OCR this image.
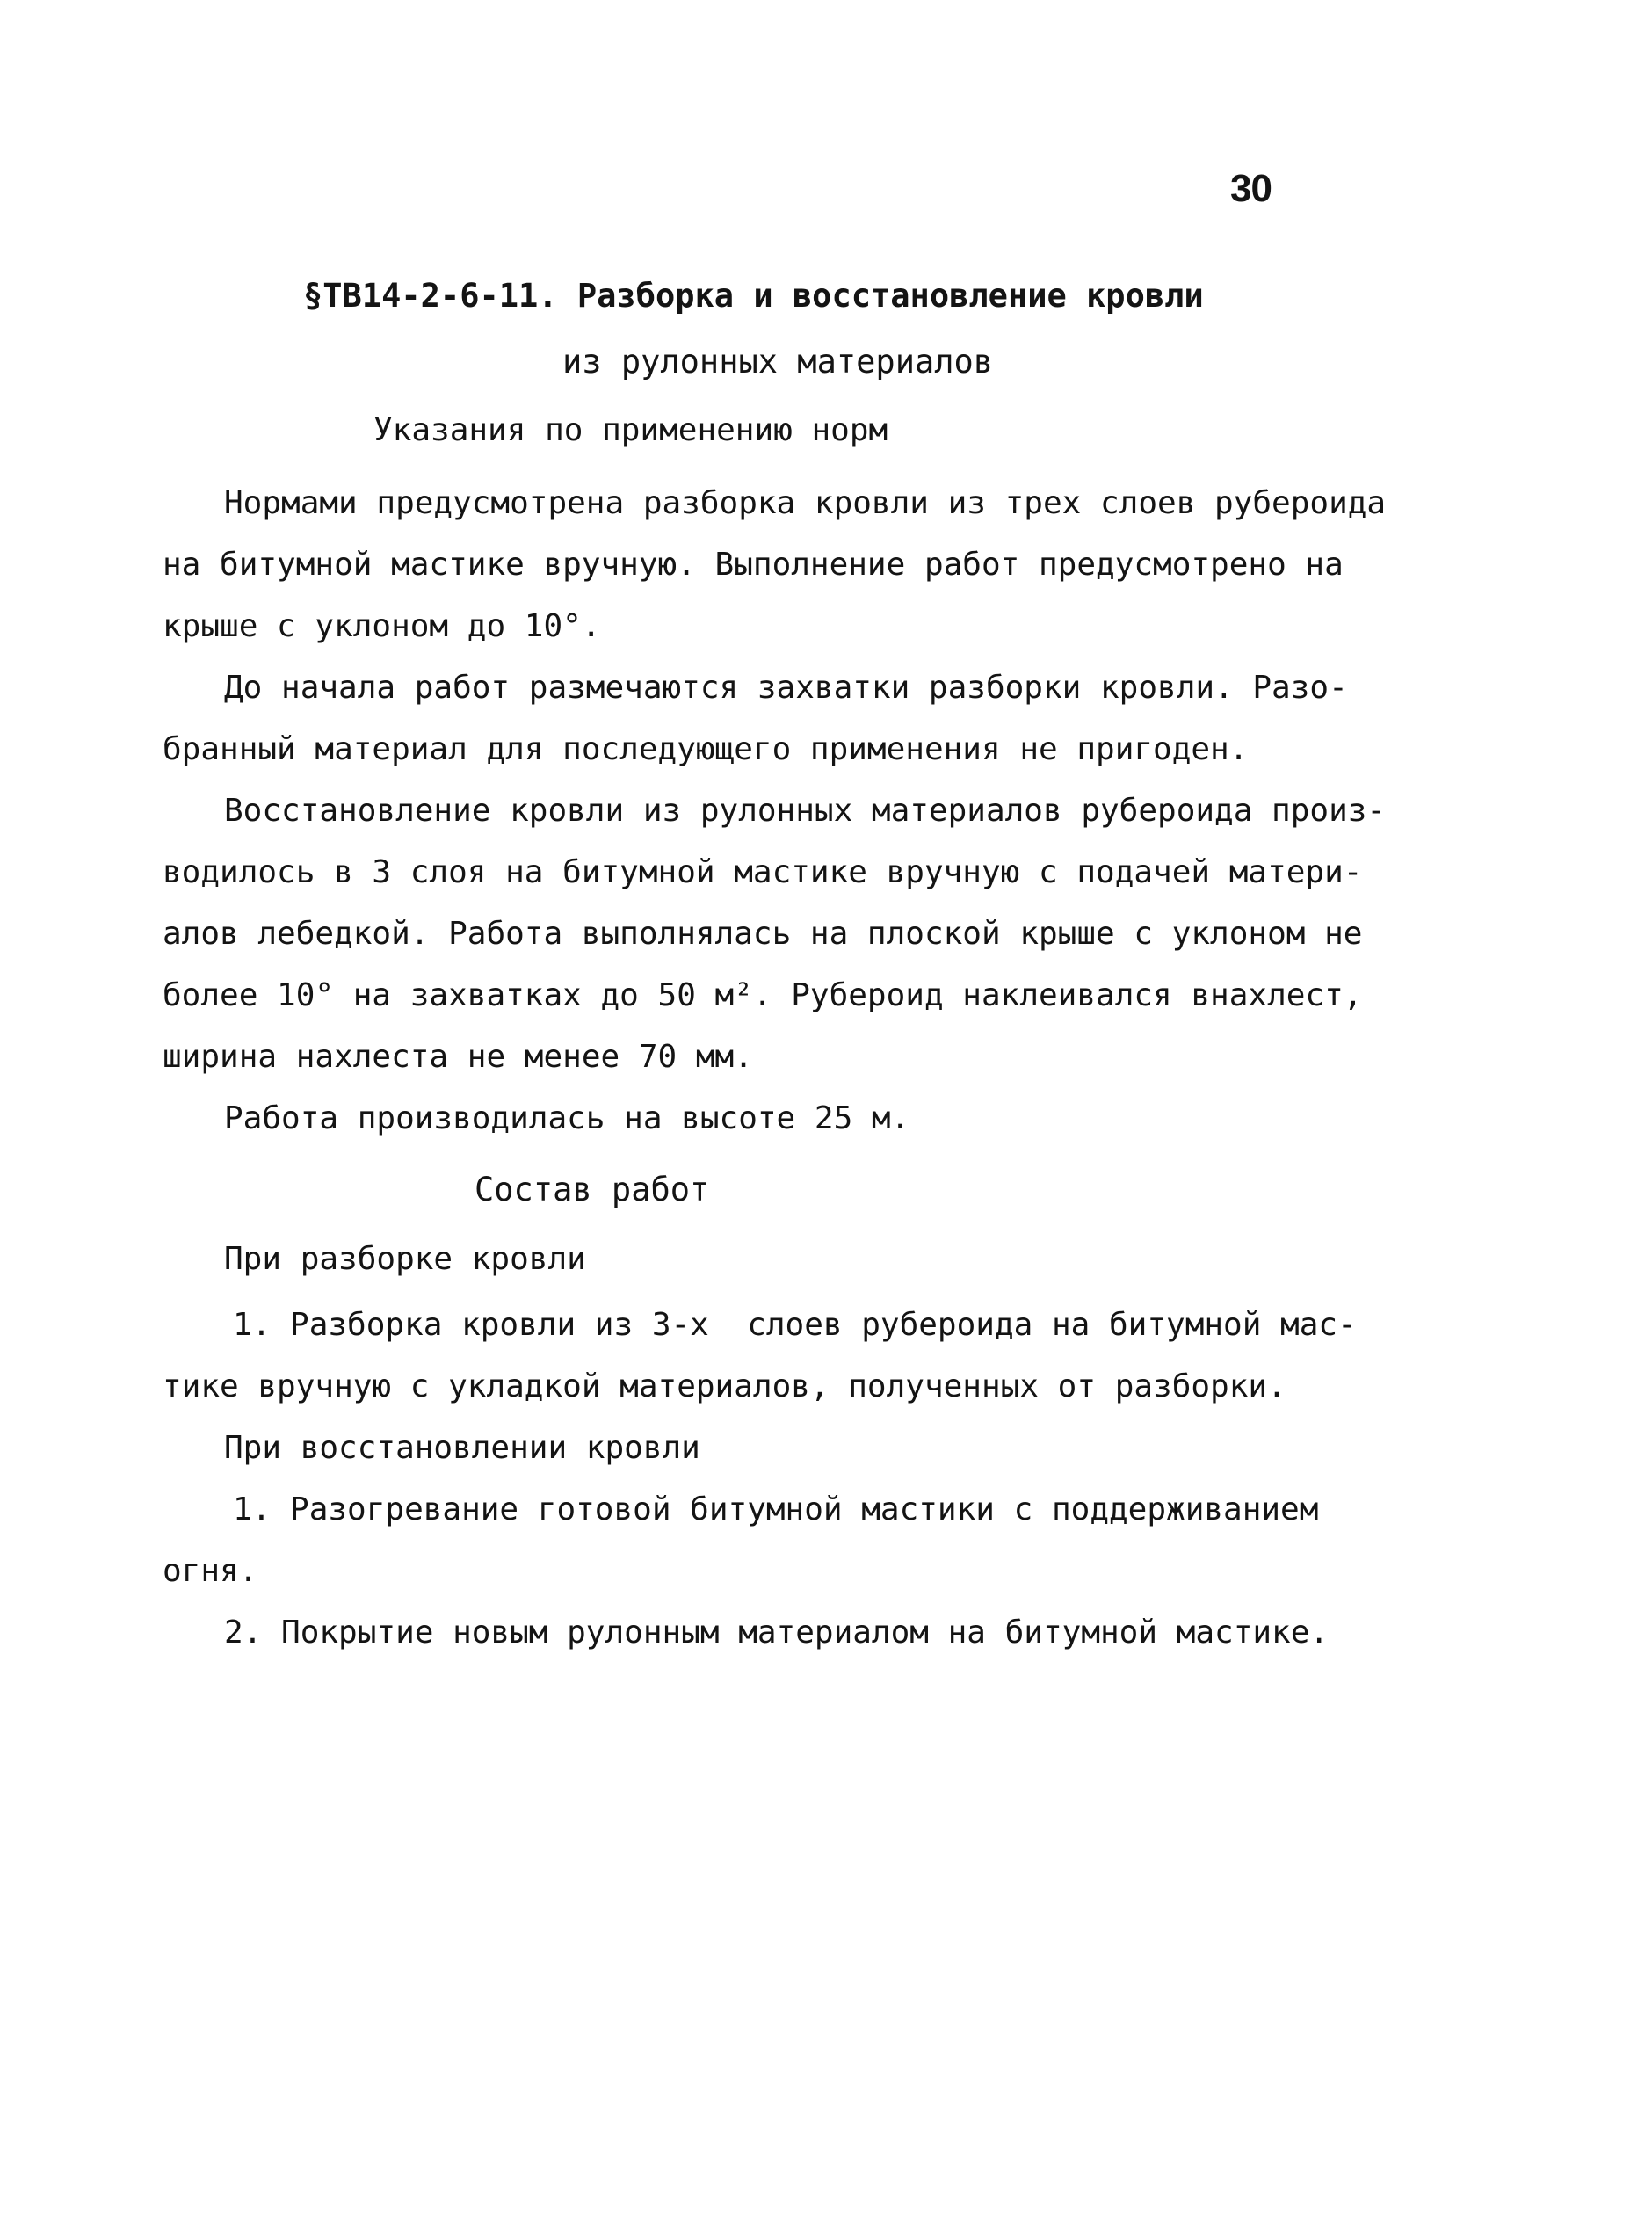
30
§ТВ14-2-6-11. Разборка и восстановление кровли
из рулонных материалов
Указания по применению норм
Нормами предусмотрена разборка кровли из трех слоев рубероида
на битумной мастике вручную. Выполнение работ предусмотрено на
крыше с уклоном до 10°.
До начала работ размечаются захватки разборки кровли. Разо-
бранный материал для последующего применения не пригоден.
Восстановление кровли из рулонных материалов рубероида произ-
водилось в 3 слоя на битумной мастике вручную с подачей матери-
алов лебедкой. Работа выполнялась на плоской крыше с уклоном не
более 10° на захватках до 50 м². Рубероид наклеивался внахлест,
ширина нахлеста не менее 70 мм.
Работа производилась на высоте 25 м.
Состав работ
При разборке кровли
1. Разборка кровли из 3-х  слоев рубероида на битумной мас-
тике вручную с укладкой материалов, полученных от разборки.
При восстановлении кровли
1. Разогревание готовой битумной мастики с поддерживанием
огня.
2. Покрытие новым рулонным материалом на битумной мастике.
